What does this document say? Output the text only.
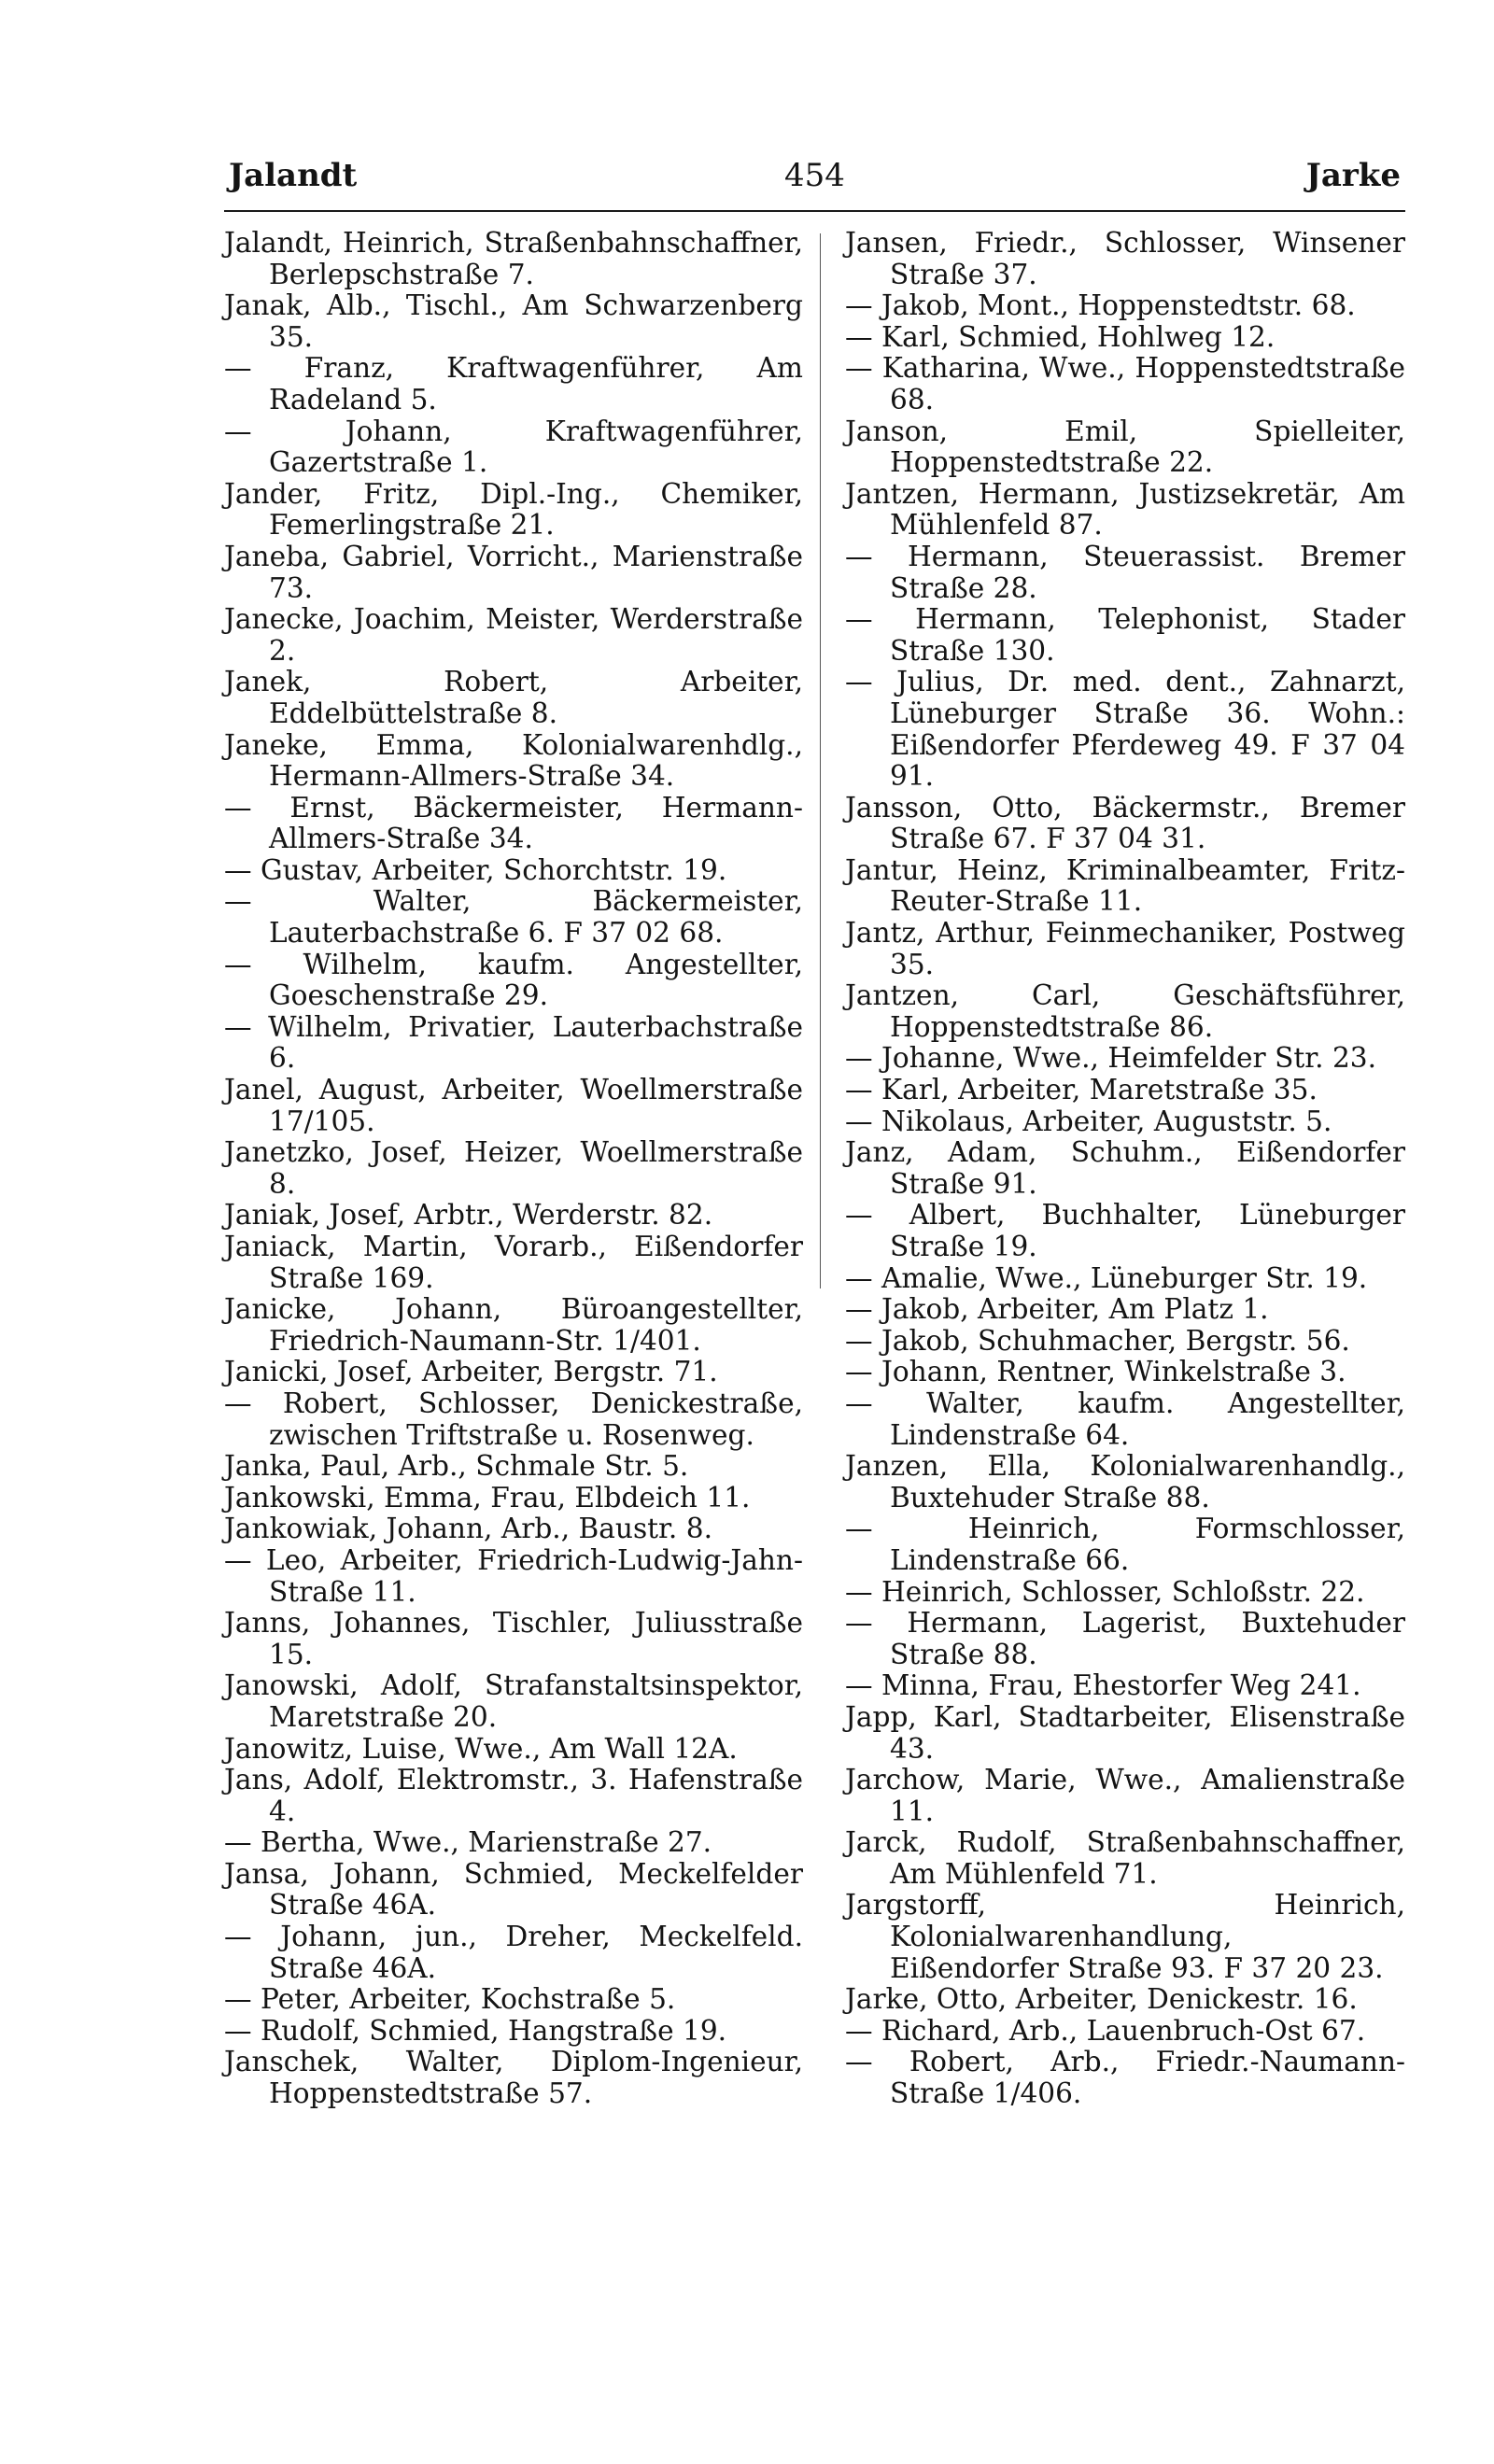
Jalandt	454	Jarke

Jalandt, Heinrich, Straßenbahnschaffner, Berlepschstraße 7.

Janak, Alb., Tischl., Am Schwarzenberg 35.

— Franz, Kraftwagenführer, Am Radeland 5.

— Johann, Kraftwagenführer, Gazertstraße 1.

Jander, Fritz, Dipl.-Ing., Chemiker, Femerlingstraße 21.

Janeba, Gabriel, Vorricht., Marienstraße 73.

Janecke, Joachim, Meister, Werderstraße 2.

Janek, Robert, Arbeiter, Eddelbüttelstraße 8.

Janeke, Emma, Kolonialwarenhdlg., Hermann-Allmers-Straße 34.

— Ernst, Bäckermeister, Hermann-Allmers-Straße 34.

— Gustav, Arbeiter, Schorchtstr. 19.

— Walter, Bäckermeister, Lauterbachstraße 6. F 37 02 68.

— Wilhelm, kaufm. Angestellter, Goeschenstraße 29.

— Wilhelm, Privatier, Lauterbachstraße 6.

Janel, August, Arbeiter, Woellmerstraße 17/105.

Janetzko, Josef, Heizer, Woellmerstraße 8.

Janiak, Josef, Arbtr., Werderstr. 82.

Janiack, Martin, Vorarb., Eißendorfer Straße 169.

Janicke, Johann, Büroangestellter, Friedrich-Naumann-Str. 1/401.

Janicki, Josef, Arbeiter, Bergstr. 71.

— Robert, Schlosser, Denickestraße, zwischen Triftstraße u. Rosenweg.

Janka, Paul, Arb., Schmale Str. 5.

Jankowski, Emma, Frau, Elbdeich 11.

Jankowiak, Johann, Arb., Baustr. 8.

— Leo, Arbeiter, Friedrich-Ludwig-Jahn-Straße 11.

Janns, Johannes, Tischler, Juliusstraße 15.

Janowski, Adolf, Strafanstaltsinspektor, Maretstraße 20.

Janowitz, Luise, Wwe., Am Wall 12A.

Jans, Adolf, Elektromstr., 3. Hafenstraße 4.

— Bertha, Wwe., Marienstraße 27.

Jansa, Johann, Schmied, Meckelfelder Straße 46A.

— Johann, jun., Dreher, Meckelfeld. Straße 46A.

— Peter, Arbeiter, Kochstraße 5.

— Rudolf, Schmied, Hangstraße 19.

Janschek, Walter, Diplom-Ingenieur, Hoppenstedtstraße 57.

Jansen, Friedr., Schlosser, Winsener Straße 37.

— Jakob, Mont., Hoppenstedtstr. 68.

— Karl, Schmied, Hohlweg 12.

— Katharina, Wwe., Hoppenstedtstraße 68.

Janson, Emil, Spielleiter, Hoppenstedtstraße 22.

Jantzen, Hermann, Justizsekretär, Am Mühlenfeld 87.

— Hermann, Steuerassist. Bremer Straße 28.

— Hermann, Telephonist, Stader Straße 130.

— Julius, Dr. med. dent., Zahnarzt, Lüneburger Straße 36. Wohn.: Eißendorfer Pferdeweg 49. F 37 04 91.

Jansson, Otto, Bäckermstr., Bremer Straße 67. F 37 04 31.

Jantur, Heinz, Kriminalbeamter, Fritz-Reuter-Straße 11.

Jantz, Arthur, Feinmechaniker, Postweg 35.

Jantzen, Carl, Geschäftsführer, Hoppenstedtstraße 86.

— Johanne, Wwe., Heimfelder Str. 23.

— Karl, Arbeiter, Maretstraße 35.

— Nikolaus, Arbeiter, Auguststr. 5.

Janz, Adam, Schuhm., Eißendorfer Straße 91.

— Albert, Buchhalter, Lüneburger Straße 19.

— Amalie, Wwe., Lüneburger Str. 19.

— Jakob, Arbeiter, Am Platz 1.

— Jakob, Schuhmacher, Bergstr. 56.

— Johann, Rentner, Winkelstraße 3.

— Walter, kaufm. Angestellter, Lindenstraße 64.

Janzen, Ella, Kolonialwarenhandlg., Buxtehuder Straße 88.

— Heinrich, Formschlosser, Lindenstraße 66.

— Heinrich, Schlosser, Schloßstr. 22.

— Hermann, Lagerist, Buxtehuder Straße 88.

— Minna, Frau, Ehestorfer Weg 241.

Japp, Karl, Stadtarbeiter, Elisenstraße 43.

Jarchow, Marie, Wwe., Amalienstraße 11.

Jarck, Rudolf, Straßenbahnschaffner, Am Mühlenfeld 71.

Jargstorff, Heinrich, Kolonialwarenhandlung, Eißendorfer Straße 93. F 37 20 23.

Jarke, Otto, Arbeiter, Denickestr. 16.

— Richard, Arb., Lauenbruch-Ost 67.

— Robert, Arb., Friedr.-Naumann-Straße 1/406.
